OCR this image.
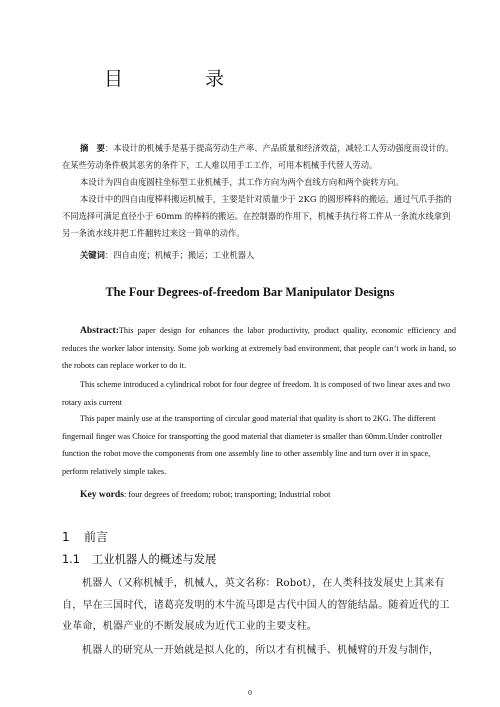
目 录

摘　要：本设计的机械手是基于提高劳动生产率、产品质量和经济效益，减轻工人劳动强度而设计的。在某些劳动条件极其恶劣的条件下，工人难以用手工工作，可用本机械手代替人劳动。

本设计为四自由度圆柱坐标型工业机械手，其工作方向为两个直线方向和两个旋转方向。

本设计中的四自由度棒料搬运机械手，主要是针对质量少于 2KG 的圆形棒料的搬运。通过气爪手指的不同选择可满足直径小于 60mm 的棒料的搬运。在控制器的作用下，机械手执行将工件从一条流水线拿到另一条流水线并把工件翻转过来这一简单的动作。

关键词：四自由度；机械手；搬运；工业机器人
The Four Degrees-of-freedom Bar Manipulator Designs

Abstract:This paper design for enhances the labor productivity, product quality, economic efficiency and reduces the worker labor intensity. Some job working at extremely bad environment, that people can’t work in hand, so the robots can replace worker to do it.

This scheme introduced a cylindrical robot for four degree of freedom. It is composed of two linear axes and two rotary axis current

This paper mainly use at the transporting of circular good material that quality is short to 2KG. The different fingernail finger was Choice for transporting the good material that diameter is smaller than 60mm.Under controller function the robot move the components from one assembly line to other assembly line and turn over it in space, perform relatively simple takes.

Key words: four degrees of freedom; robot; transporting; Industrial robot
1 前言
1.1 工业机器人的概述与发展

机器人（又称机械手，机械人，英文名称：Robot），在人类科技发展史上其来有自，早在三国时代，诸葛亮发明的木牛流马即是古代中国人的智能结晶。随着近代的工业革命，机器产业的不断发展成为近代工业的主要支柱。

机器人的研究从一开始就是拟人化的，所以才有机械手、机械臂的开发与制作，

0
